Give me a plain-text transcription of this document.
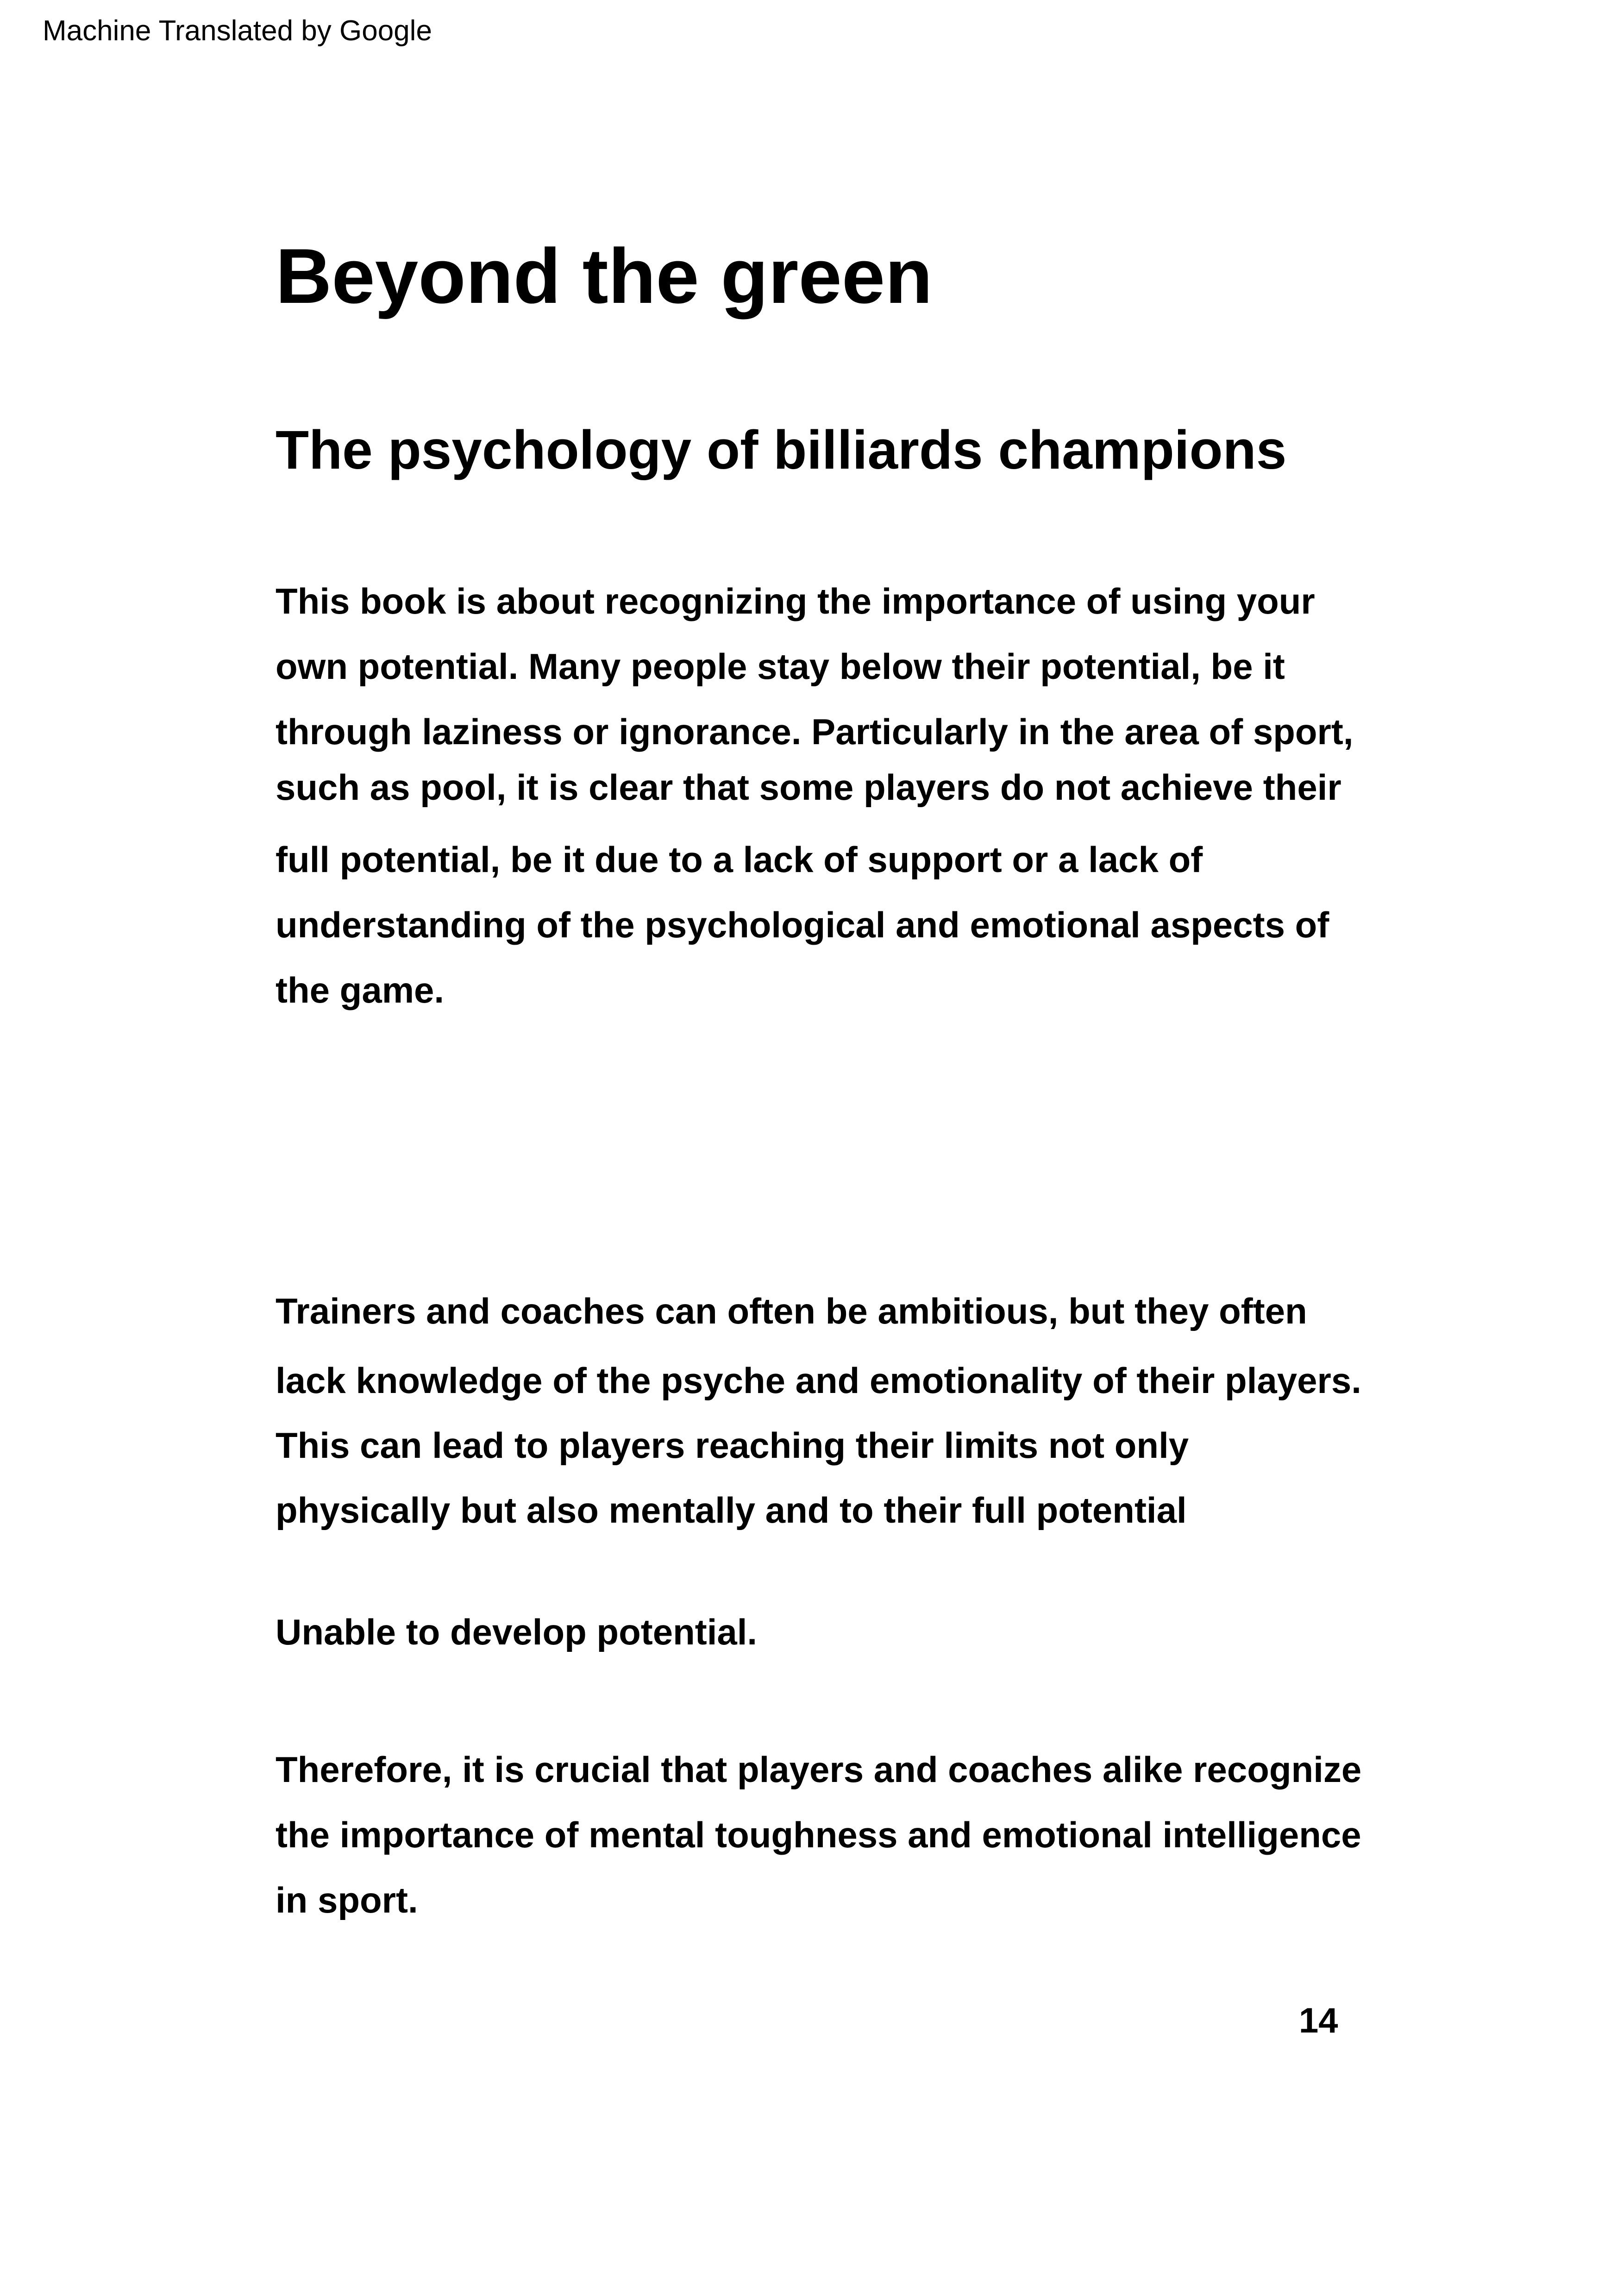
Machine Translated by Google
Beyond the green
The psychology of billiards champions
This book is about recognizing the importance of using your
own potential. Many people stay below their potential, be it
through laziness or ignorance. Particularly in the area of sport,
such as pool, it is clear that some players do not achieve their
full potential, be it due to a lack of support or a lack of
understanding of the psychological and emotional aspects of
the game.
Trainers and coaches can often be ambitious, but they often
lack knowledge of the psyche and emotionality of their players.
This can lead to players reaching their limits not only
physically but also mentally and to their full potential
Unable to develop potential.
Therefore, it is crucial that players and coaches alike recognize
the importance of mental toughness and emotional intelligence
in sport.
14
